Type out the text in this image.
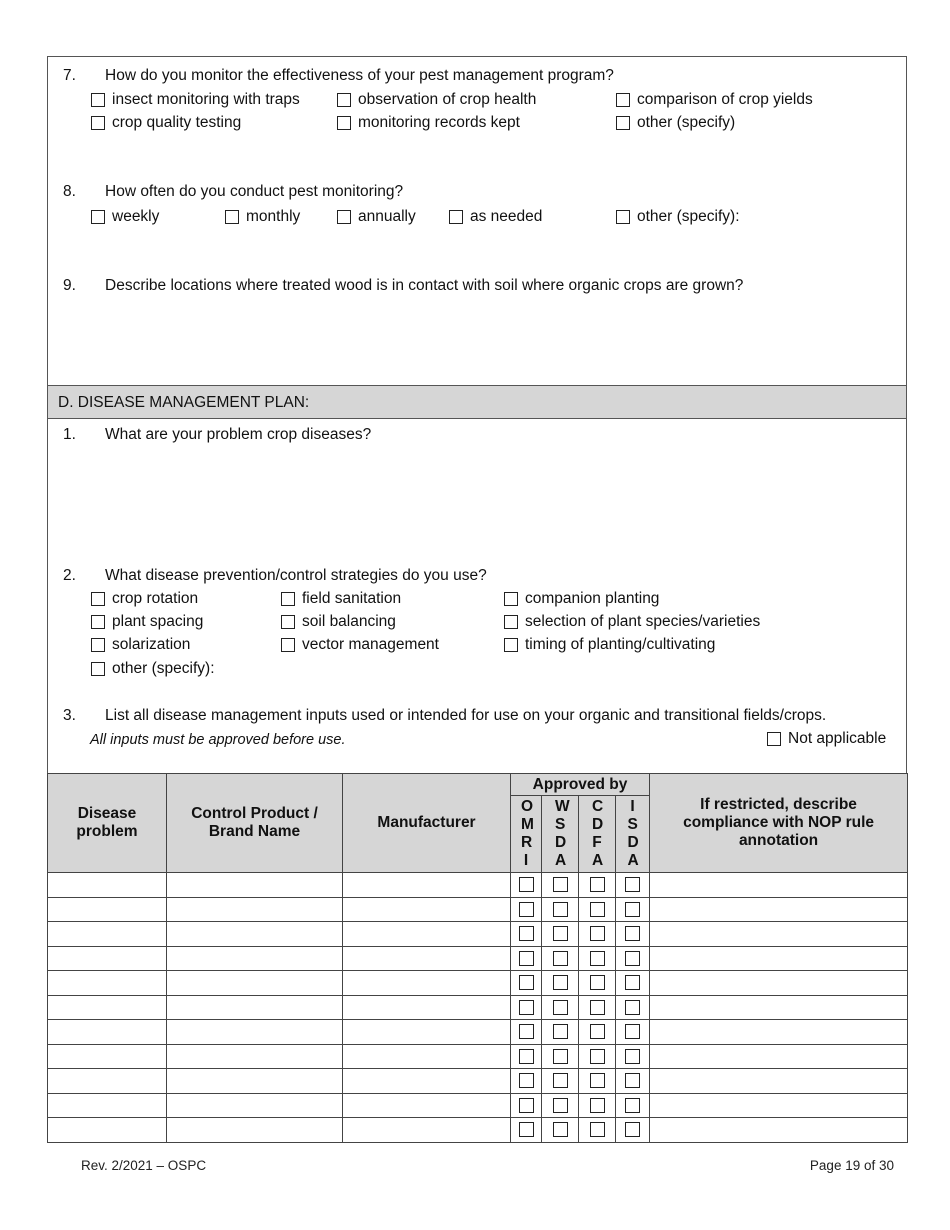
7.	How do you monitor the effectiveness of your pest management program?
insect monitoring with traps	observation of crop health	comparison of crop yields
crop quality testing	monitoring records kept	other (specify)
8.	How often do you conduct pest monitoring?
weekly	monthly	annually	as needed	other (specify):
9.	Describe locations where treated wood is in contact with soil where organic crops are grown?
D. DISEASE MANAGEMENT PLAN:
1.	What are your problem crop diseases?
2.	What disease prevention/control strategies do you use?
crop rotation	field sanitation	companion planting
plant spacing	soil balancing	selection of plant species/varieties
solarization	vector management	timing of planting/cultivating
other (specify):
3.	List all disease management inputs used or intended for use on your organic and transitional fields/crops.
All inputs must be approved before use.	Not applicable
Disease problem	Control Product / Brand Name	Manufacturer	Approved by				If restricted, describe compliance with NOP rule annotation

			O M R I	W S D A	C D F A	I S D A	

Rev. 2/2021 – OSPC	Page 19 of 30
